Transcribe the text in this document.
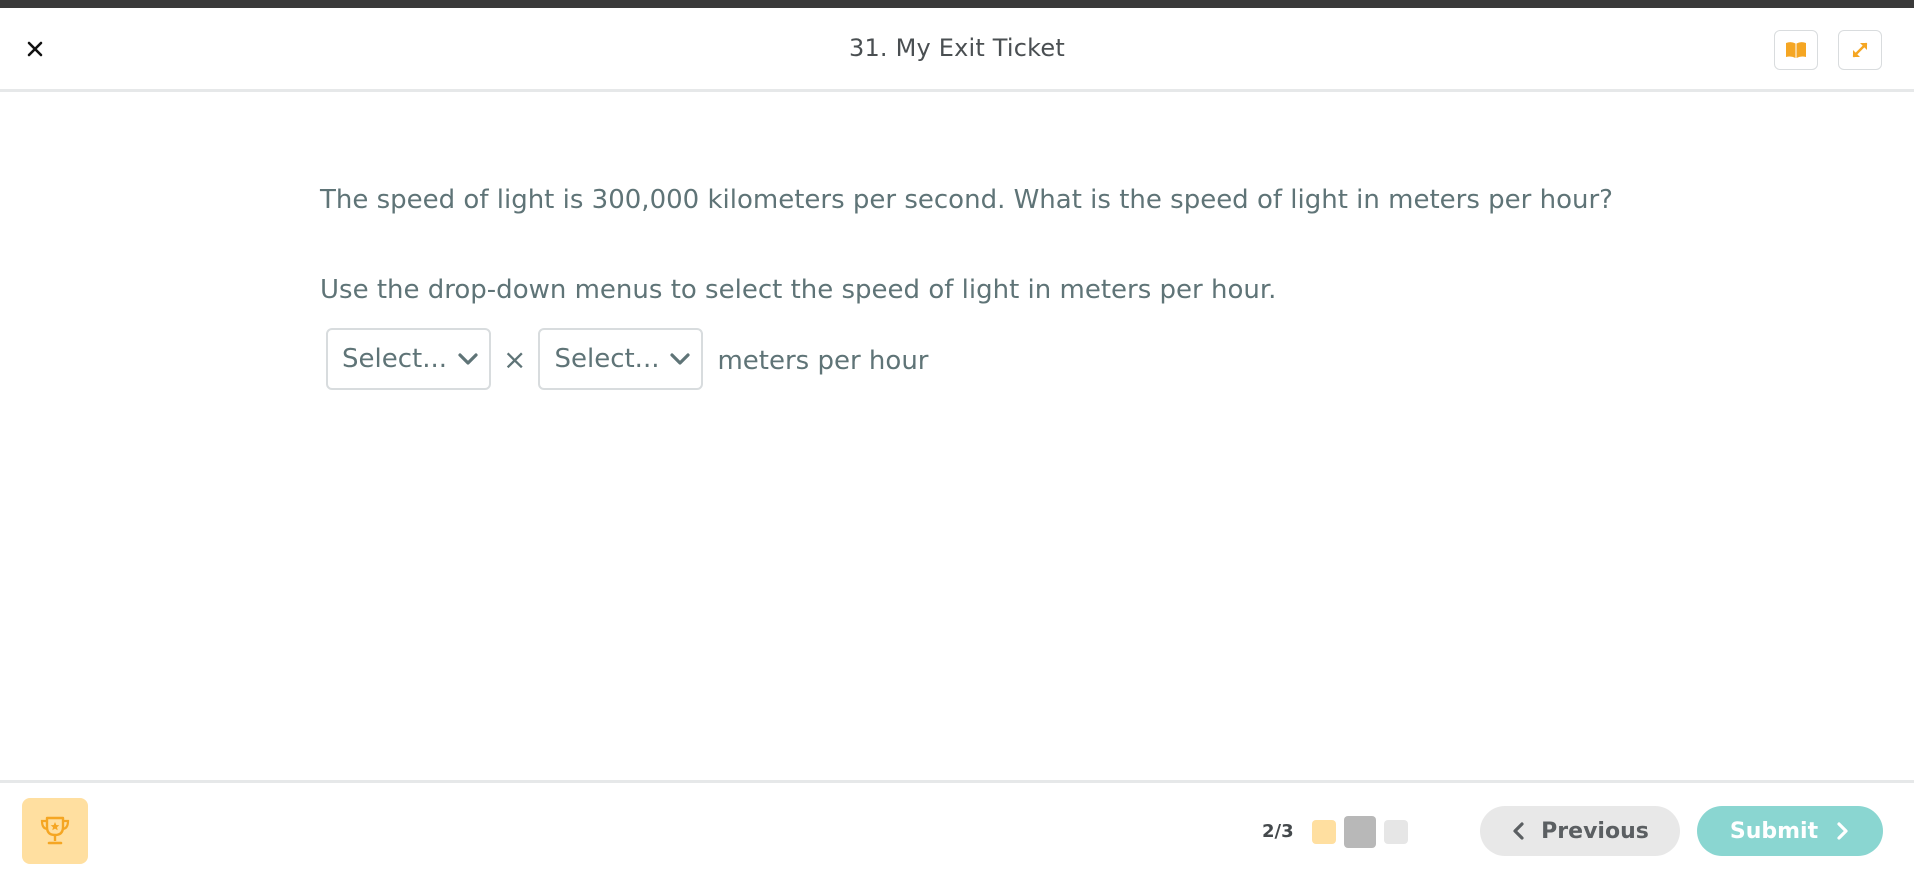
31. My Exit Ticket
The speed of light is 300,000 kilometers per second. What is the speed of light in meters per hour?
Use the drop-down menus to select the speed of light in meters per hour.
Select... × Select... meters per hour
2/3	Previous	Submit
